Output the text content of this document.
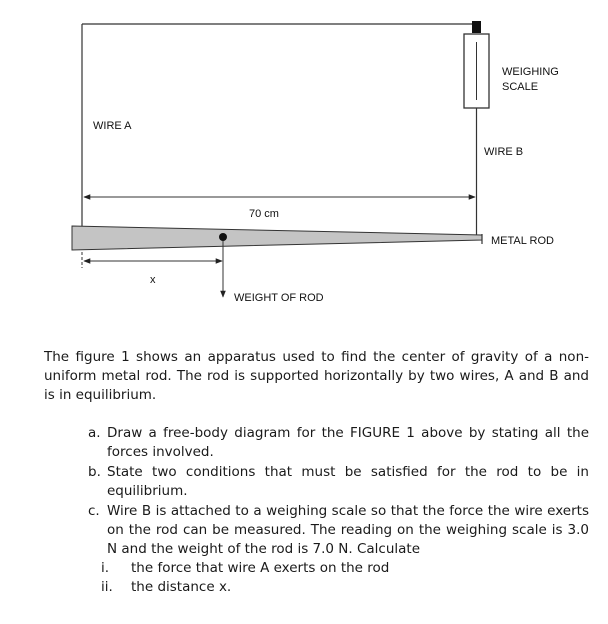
WIRE A
WIRE B
WEIGHING
SCALE
70 cm
x
METAL ROD
WEIGHT OF ROD

The figure 1 shows an apparatus used to find the center of gravity of a non-uniform metal rod. The rod is supported horizontally by two wires, A and B and is in equilibrium.

a. Draw a free-body diagram for the FIGURE 1 above by stating all the forces involved.

b. State two conditions that must be satisfied for the rod to be in equilibrium.

c. Wire B is attached to a weighing scale so that the force the wire exerts on the rod can be measured. The reading on the weighing scale is 3.0 N and the weight of the rod is 7.0 N. Calculate

i. the force that wire A exerts on the rod

ii. the distance x.
